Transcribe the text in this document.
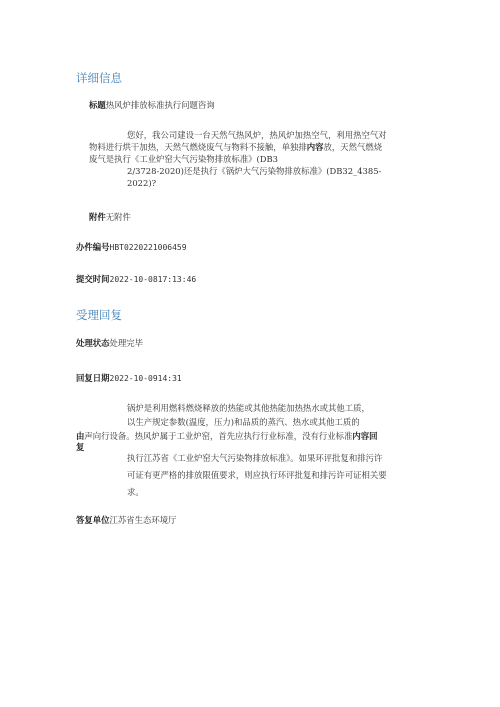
详细信息
标题热风炉排放标准执行问题咨询
您好，我公司建设一台天然气热风炉，热风炉加热空气，利用热空气对
物料进行烘干加热，天然气燃烧废气与物料不接触，单独排内容放，天然气燃烧
废气是执行《工业炉窑大气污染物排放标准》(DB3
2/3728-2020)还是执行《锅炉大气污染物排放标准》(DB32_4385-
2022)?
附件无附件
办件编号HBT0220221006459
提交时间2022-10-0817:13:46
受理回复
处理状态处理完毕
回复日期2022-10-0914:31
锅炉是利用燃料燃烧释放的热能或其他热能加热热水或其他工质，
以生产规定参数(温度，压力)和品质的蒸汽、热水或其他工质的
由声向行设备。热风炉属于工业炉窑，首先应执行行业标准，没有行业标准内容回
复
执行江苏省《工业炉窑大气污染物排放标准》。如果环评批复和排污许
可证有更严格的排放限值要求，则应执行环评批复和排污许可证相关要
求。
答复单位江苏省生态环境厅
